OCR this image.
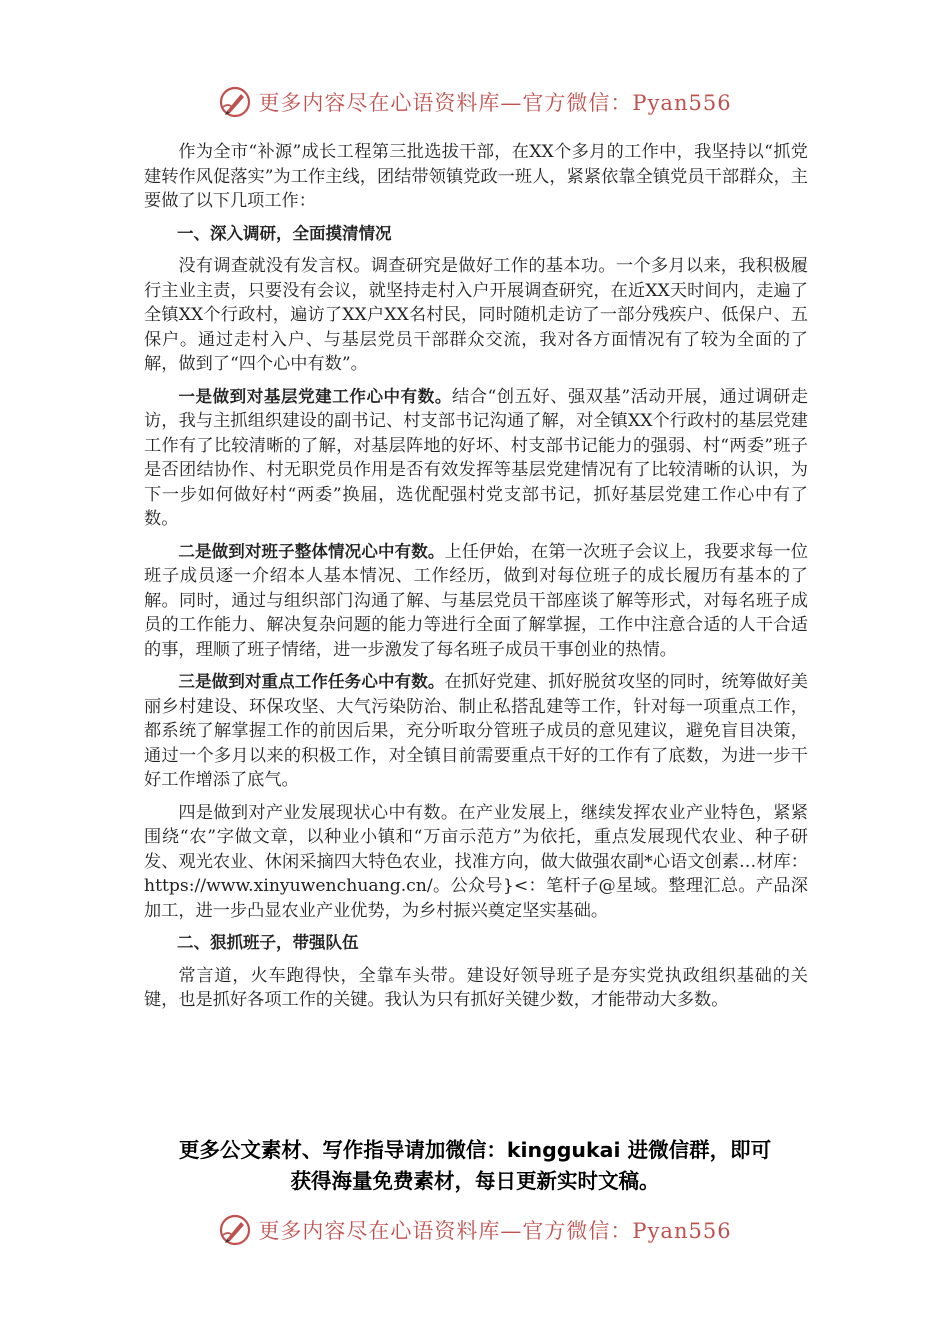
更多内容尽在心语资料库—官方微信：Pyan556

作为全市“补源”成长工程第三批选拔干部，在XX个多月的工作中，我坚持以“抓党建转作风促落实”为工作主线，团结带领镇党政一班人，紧紧依靠全镇党员干部群众，主要做了以下几项工作：

一、深入调研，全面摸清情况

没有调查就没有发言权。调查研究是做好工作的基本功。一个多月以来，我积极履行主业主责，只要没有会议，就坚持走村入户开展调查研究，在近XX天时间内，走遍了全镇XX个行政村，遍访了XX户XX名村民，同时随机走访了一部分残疾户、低保户、五保户。通过走村入户、与基层党员干部群众交流，我对各方面情况有了较为全面的了解，做到了“四个心中有数”。

一是做到对基层党建工作心中有数。结合“创五好、强双基”活动开展，通过调研走访，我与主抓组织建设的副书记、村支部书记沟通了解，对全镇XX个行政村的基层党建工作有了比较清晰的了解，对基层阵地的好坏、村支部书记能力的强弱、村“两委”班子是否团结协作、村无职党员作用是否有效发挥等基层党建情况有了比较清晰的认识，为下一步如何做好村“两委”换届，选优配强村党支部书记，抓好基层党建工作心中有了数。

二是做到对班子整体情况心中有数。上任伊始，在第一次班子会议上，我要求每一位班子成员逐一介绍本人基本情况、工作经历，做到对每位班子的成长履历有基本的了解。同时，通过与组织部门沟通了解、与基层党员干部座谈了解等形式，对每名班子成员的工作能力、解决复杂问题的能力等进行全面了解掌握，工作中注意合适的人干合适的事，理顺了班子情绪，进一步激发了每名班子成员干事创业的热情。

三是做到对重点工作任务心中有数。在抓好党建、抓好脱贫攻坚的同时，统筹做好美丽乡村建设、环保攻坚、大气污染防治、制止私搭乱建等工作，针对每一项重点工作，都系统了解掌握工作的前因后果，充分听取分管班子成员的意见建议，避免盲目决策，通过一个多月以来的积极工作，对全镇目前需要重点干好的工作有了底数，为进一步干好工作增添了底气。

四是做到对产业发展现状心中有数。在产业发展上，继续发挥农业产业特色，紧紧围绕“农”字做文章，以种业小镇和“万亩示范方”为依托，重点发展现代农业、种子研发、观光农业、休闲采摘四大特色农业，找准方向，做大做强农副*心语文创素…材库：https://www.xinyuwenchuang.cn/。公众号}<：笔杆子@星域。整理汇总。产品深加工，进一步凸显农业产业优势，为乡村振兴奠定坚实基础。

二、狠抓班子，带强队伍

常言道，火车跑得快，全靠车头带。建设好领导班子是夯实党执政组织基础的关键，也是抓好各项工作的关键。我认为只有抓好关键少数，才能带动大多数。

更多公文素材、写作指导请加微信：kinggukai 进微信群，即可
获得海量免费素材，每日更新实时文稿。
更多内容尽在心语资料库—官方微信：Pyan556
